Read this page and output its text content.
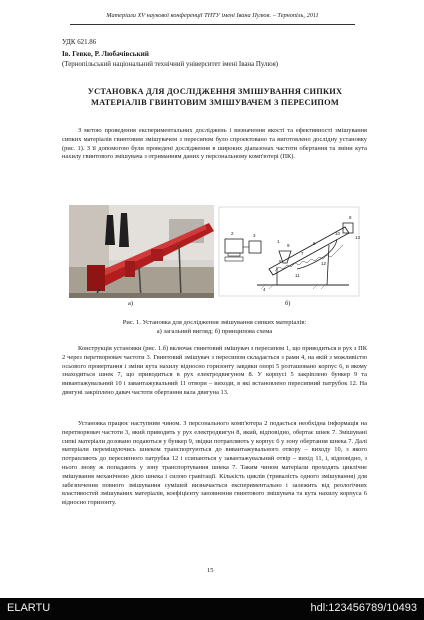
Матеріали XV наукової конференції ТНТУ імені Івана Пулюя. – Тернопіль, 2011
УДК 621.86
Ів. Гевко, Р. Любачівський
(Тернопільський національний технічний університет імені Івана Пулюя)
УСТАНОВКА ДЛЯ ДОСЛІДЖЕННЯ ЗМІШУВАННЯ СИПКИХ МАТЕРІАЛІВ ГВИНТОВИМ ЗМІШУВАЧЕМ З ПЕРЕСИПОМ
З метою проведення експериментальних досліджень і визначення якості та ефективності змішування сипких матеріалів гвинтовим змішувачем з пересипом було спроектовано та виготовлено дослідну установку (рис. 1). З її допомогою були проведені дослідження в широких діапазонах частоти обертання та зміни кута нахилу гвинтового змішувача з отриманням даних у персональному комп'ютері (ПК).
1
2	3
4
5
6
7
8
9
10
11
12
13
а)	б)
Рис. 1. Установка для дослідження змішування сипких матеріалів:
а) загальний вигляд; б) принципова схема
Конструкція установки (рис. 1.б) включає гвинтовий змішувач з пересипом 1, що приводиться в рух з ПК 2 через перетворювач частоти 3. Гвинтовий змішувач з пересипом складається з рами 4, на якій з можливістю осьового провертання і зміни кута нахилу відносно горизонту завдяки опорі 5 розташовано корпус 6, в якому знаходиться шнек 7, що приводиться в рух електродвигуном 8. У корпусі 5 закріплено бункер 9 та вивантажувальний 10 і завантажувальний 11 отвори – виходи, в які встановлено пересипний патрубок 12. На двигуні закріплено давач частоти обертання вала двигуна 13.
Установка працює наступним чином. З персонального комп'ютера 2 подається необхідна інформація на перетворювач частоти 3, який приводить у рух електродвигун 8, який, відповідно, обертає шнек 7. Змішувані сипкі матеріали дозовано подаються у бункер 9, звідки потрапляють у корпус 6 у зону обертання шнека 7. Далі матеріали переміщуючись шнеком транспортуються до вивантажувального отвору – виходу 10, з якого потрапляють до пересипного патрубка 12 і ссипаються у завантажувальний отвір – вихід 11, і, відповідно, з нього знову ж попадають у зону транспортування шнека 7. Таким чином матеріали проходять циклічне змішування механічною дією шнека і силою гравітації. Кількість циклів (тривалість одного змішування) для забезпечення повного змішування сумішей визначається експериментально і залежить від реологічних властивостей змішуваних матеріалів, коефіцієнту заповнення гвинтового змішувача та кута нахилу корпуса 6 відносно горизонту.
15
ELARTU	hdl:123456789/10493
